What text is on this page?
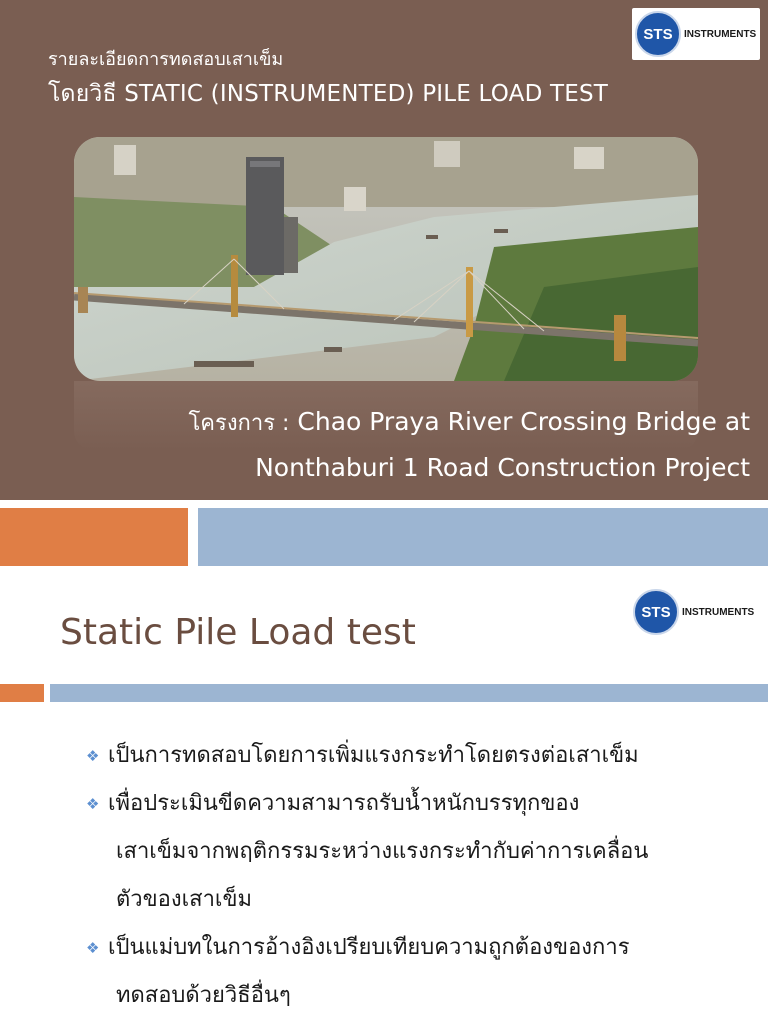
รายละเอียดการทดสอบเสาเข็ม
โดยวิธี STATIC (INSTRUMENTED) PILE LOAD TEST
STS	INSTRUMENTS
โครงการ : Chao Praya River Crossing Bridge at
Nonthaburi 1 Road Construction Project
Static Pile Load test	STS	INSTRUMENTS
❖ เป็นการทดสอบโดยการเพิ่มแรงกระทำโดยตรงต่อเสาเข็ม
❖ เพื่อประเมินขีดความสามารถรับน้ำหนักบรรทุกของ
เสาเข็มจากพฤติกรรมระหว่างแรงกระทำกับค่าการเคลื่อน
ตัวของเสาเข็ม
❖ เป็นแม่บทในการอ้างอิงเปรียบเทียบความถูกต้องของการ
ทดสอบด้วยวิธีอื่นๆ
